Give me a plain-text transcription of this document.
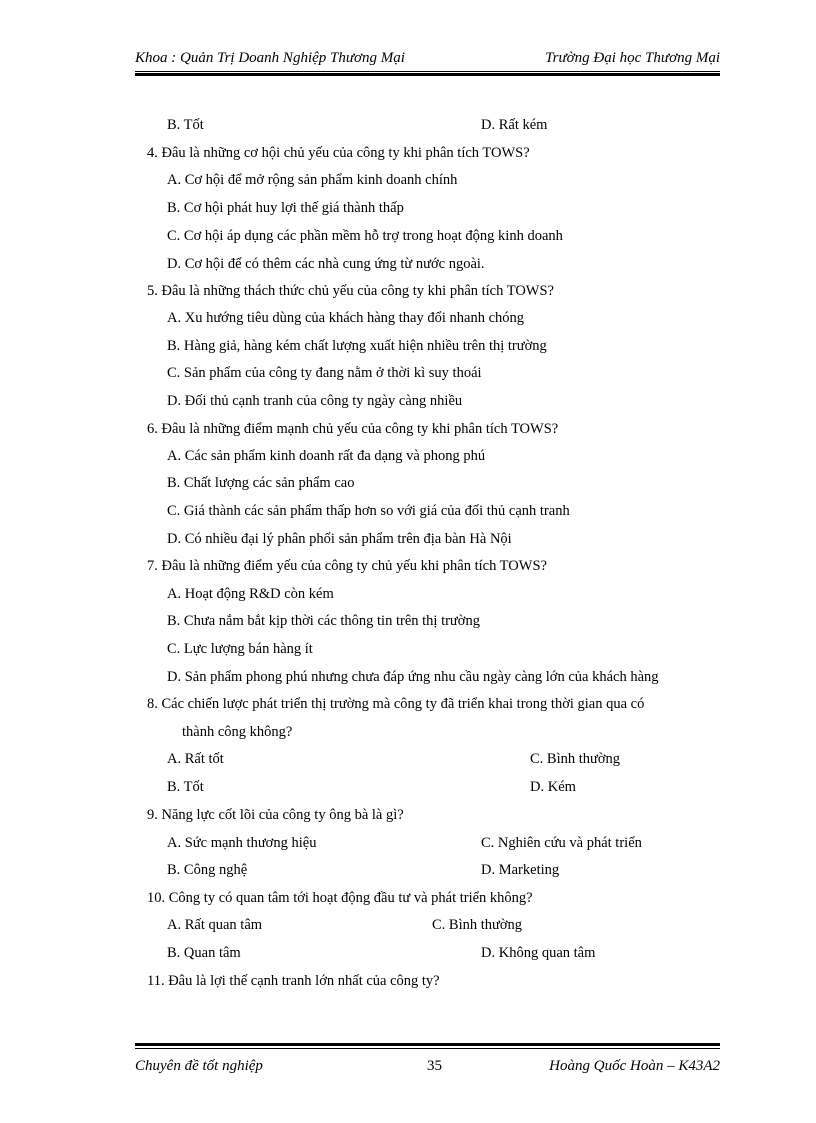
Khoa : Quản Trị Doanh Nghiệp Thương Mại	Trường Đại học Thương Mại
B. Tốt	D. Rất kém
4. Đâu là những cơ hội chủ yếu của công ty khi phân tích TOWS?
A. Cơ hội để mở rộng sản phẩm kinh doanh chính
B. Cơ hội phát huy lợi thế giá thành thấp
C. Cơ hội áp dụng các phần mềm hỗ trợ trong hoạt động kinh doanh
D. Cơ hội để có thêm các nhà cung ứng từ nước ngoài.
5. Đâu là những thách thức chủ yếu của công ty khi phân tích TOWS?
A. Xu hướng tiêu dùng của khách hàng thay đổi nhanh chóng
B. Hàng giả, hàng kém chất lượng xuất hiện nhiều trên thị trường
C. Sản phẩm của công ty đang nằm ở thời kì suy thoái
D. Đối thủ cạnh tranh của công ty ngày càng nhiều
6. Đâu là những điểm mạnh chủ yếu của công ty khi phân tích TOWS?
A. Các sản phẩm kinh doanh rất đa dạng và phong phú
B. Chất lượng các sản phẩm cao
C. Giá thành các sản phẩm thấp hơn so với giá của đối thủ cạnh tranh
D. Có nhiều đại lý phân phối sản phẩm trên địa bàn Hà Nội
7. Đâu là những điểm yếu của công ty chủ yếu khi phân tích TOWS?
A. Hoạt động R&D còn kém
B. Chưa nắm bắt kịp thời các thông tin trên thị trường
C. Lực lượng bán hàng ít
D. Sản phẩm phong phú nhưng chưa đáp ứng nhu cầu ngày càng lớn của khách hàng
8. Các chiến lược phát triển thị trường mà công ty đã triển khai trong thời gian qua có
thành công không?
A. Rất tốt	C. Bình thường
B. Tốt	D. Kém
9. Năng lực cốt lõi của công ty ông bà là gì?
A. Sức mạnh thương hiệu	C. Nghiên cứu và phát triển
B. Công nghệ	D. Marketing
10. Công ty có quan tâm tới hoạt động đầu tư và phát triển không?
A. Rất quan tâm	C. Bình thường
B. Quan tâm	D. Không quan tâm
11. Đâu là lợi thế cạnh tranh lớn nhất của công ty?
Chuyên đề tốt nghiệp	35	Hoàng Quốc Hoàn – K43A2
